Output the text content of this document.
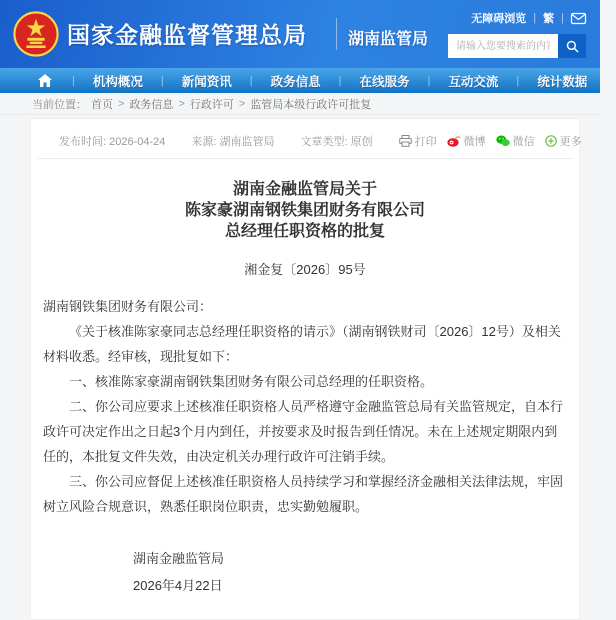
国家金融监督管理总局	湖南监管局
无障碍浏览 | 繁 |
请输入您要搜索的内容...
|	机构概况	|	新闻资讯	|	政务信息	|	在线服务	|	互动交流	|	统计数据	|
当前位置： 首页 > 政务信息 > 行政许可 > 监管局本级行政许可批复
发布时间: 2026-04-24 来源: 湖南监管局 文章类型: 原创	打印 微博 微信 更多
湖南金融监管局关于
陈家豪湖南钢铁集团财务有限公司
总经理任职资格的批复
湘金复〔2026〕95号

湖南钢铁集团财务有限公司：

《关于核准陈家豪同志总经理任职资格的请示》（湖南钢铁财司〔2026〕12号）及相关材料收悉。经审核，现批复如下：

一、核准陈家豪湖南钢铁集团财务有限公司总经理的任职资格。

二、你公司应要求上述核准任职资格人员严格遵守金融监管总局有关监管规定，自本行政许可决定作出之日起3个月内到任，并按要求及时报告到任情况。未在上述规定期限内到任的，本批复文件失效，由决定机关办理行政许可注销手续。

三、你公司应督促上述核准任职资格人员持续学习和掌握经济金融相关法律法规，牢固树立风险合规意识，熟悉任职岗位职责，忠实勤勉履职。

湖南金融监管局
2026年4月22日
